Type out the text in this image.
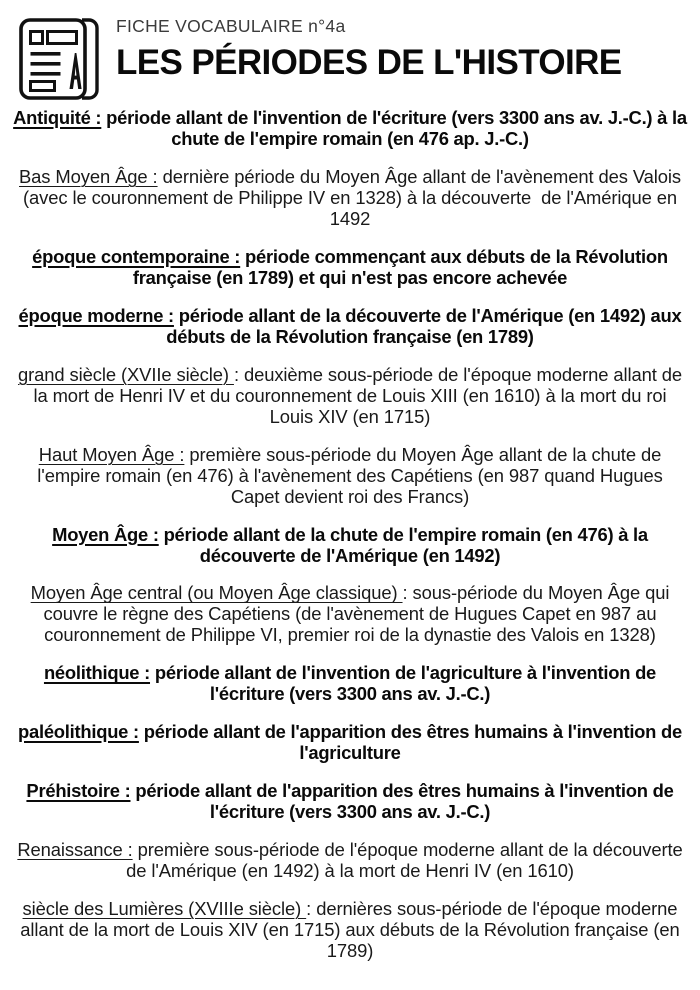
FICHE VOCABULAIRE n°4a
LES PÉRIODES DE L'HISTOIRE

Antiquité : période allant de l'invention de l'écriture (vers 3300 ans av. J.-C.) à la chute de l'empire romain (en 476 ap. J.-C.)

Bas Moyen Âge : dernière période du Moyen Âge allant de l'avènement des Valois (avec le couronnement de Philippe IV en 1328) à la découverte  de l'Amérique en 1492

époque contemporaine : période commençant aux débuts de la Révolution française (en 1789) et qui n'est pas encore achevée

époque moderne : période allant de la découverte de l'Amérique (en 1492) aux débuts de la Révolution française (en 1789)

grand siècle (XVIIe siècle) : deuxième sous-période de l'époque moderne allant de la mort de Henri IV et du couronnement de Louis XIII (en 1610) à la mort du roi Louis XIV (en 1715)

Haut Moyen Âge : première sous-période du Moyen Âge allant de la chute de l'empire romain (en 476) à l'avènement des Capétiens (en 987 quand Hugues Capet devient roi des Francs)

Moyen Âge : période allant de la chute de l'empire romain (en 476) à la découverte de l'Amérique (en 1492)

Moyen Âge central (ou Moyen Âge classique) : sous-période du Moyen Âge qui couvre le règne des Capétiens (de l'avènement de Hugues Capet en 987 au couronnement de Philippe VI, premier roi de la dynastie des Valois en 1328)

néolithique : période allant de l'invention de l'agriculture à l'invention de l'écriture (vers 3300 ans av. J.-C.)

paléolithique : période allant de l'apparition des êtres humains à l'invention de l'agriculture

Préhistoire : période allant de l'apparition des êtres humains à l'invention de l'écriture (vers 3300 ans av. J.-C.)

Renaissance : première sous-période de l'époque moderne allant de la découverte de l'Amérique (en 1492) à la mort de Henri IV (en 1610)

siècle des Lumières (XVIIIe siècle) : dernières sous-période de l'époque moderne allant de la mort de Louis XIV (en 1715) aux débuts de la Révolution française (en 1789)
